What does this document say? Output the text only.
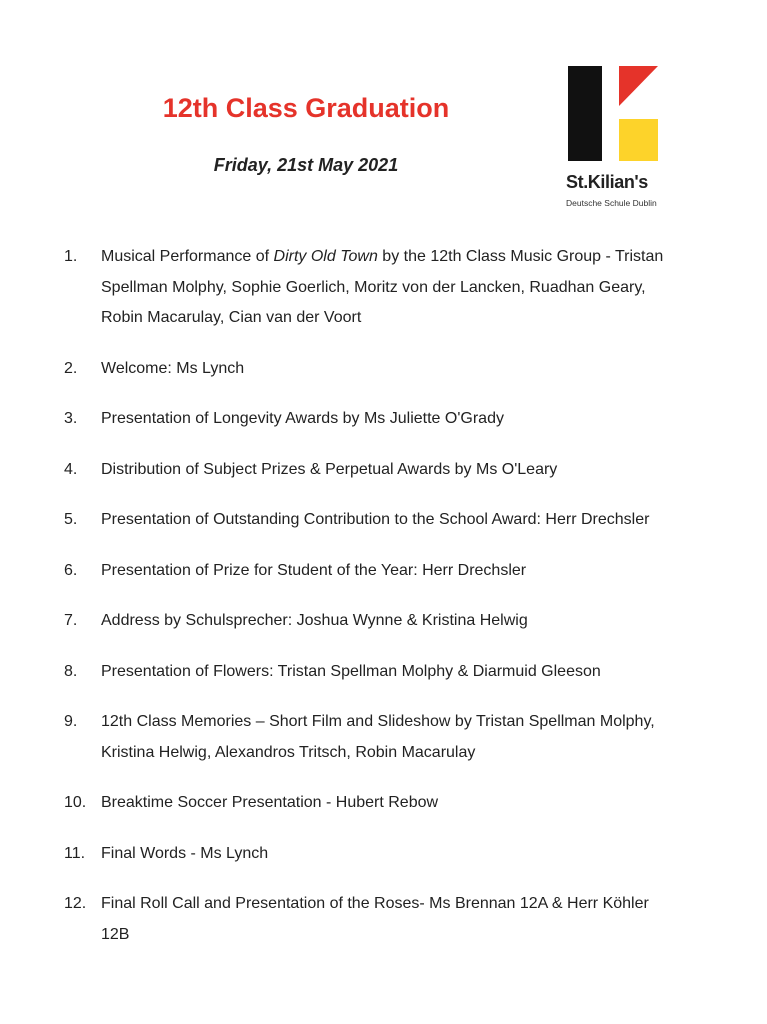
12th Class Graduation

Friday, 21st May 2021

St.Kilian's
Deutsche Schule Dublin
1. Musical Performance of Dirty Old Town by the 12th Class Music Group - Tristan Spellman Molphy, Sophie Goerlich, Moritz von der Lancken, Ruadhan Geary, Robin Macarulay, Cian van der Voort
2. Welcome: Ms Lynch
3. Presentation of Longevity Awards by Ms Juliette O'Grady
4. Distribution of Subject Prizes & Perpetual Awards by Ms O'Leary
5. Presentation of Outstanding Contribution to the School Award: Herr Drechsler
6. Presentation of Prize for Student of the Year: Herr Drechsler
7. Address by Schulsprecher: Joshua Wynne & Kristina Helwig
8. Presentation of Flowers: Tristan Spellman Molphy & Diarmuid Gleeson
9. 12th Class Memories – Short Film and Slideshow by Tristan Spellman Molphy, Kristina Helwig, Alexandros Tritsch, Robin Macarulay
10. Breaktime Soccer Presentation - Hubert Rebow
11. Final Words - Ms Lynch
12. Final Roll Call and Presentation of the Roses- Ms Brennan 12A & Herr Köhler 12B
